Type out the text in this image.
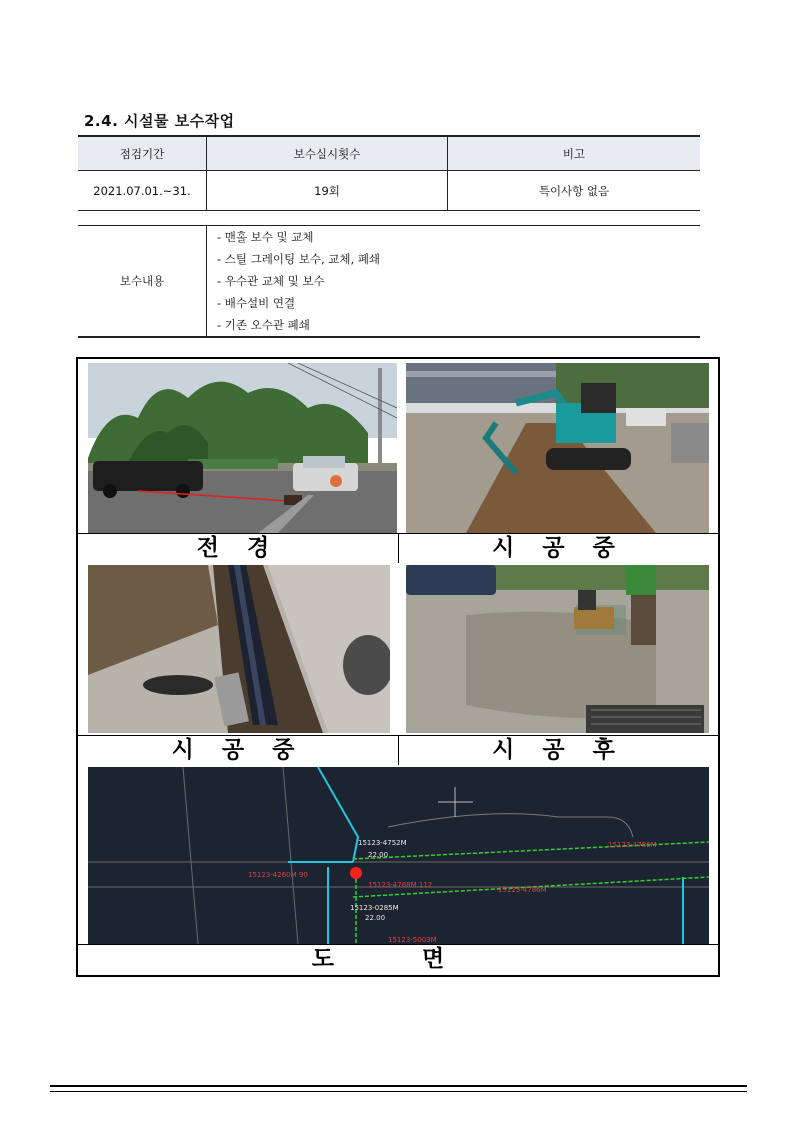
2.4. 시설물 보수작업
점검기간	보수실시횟수	비고
2021.07.01.~31.	19회	특이사항 없음
보수내용	
- 맨홀 보수 및 교체
- 스틸 그레이팅 보수, 교체, 폐쇄
- 우수관 교체 및 보수
- 배수설비 연결
- 기존 오수관 폐쇄
전 경	시 공 중
시 공 중	시 공 후
15123-4260M 90
15123-4768M 112
15123-4786M
15123-4786M
15123-5003M
15123-4752M
22.00
15123-0285M
22.00
도 면
